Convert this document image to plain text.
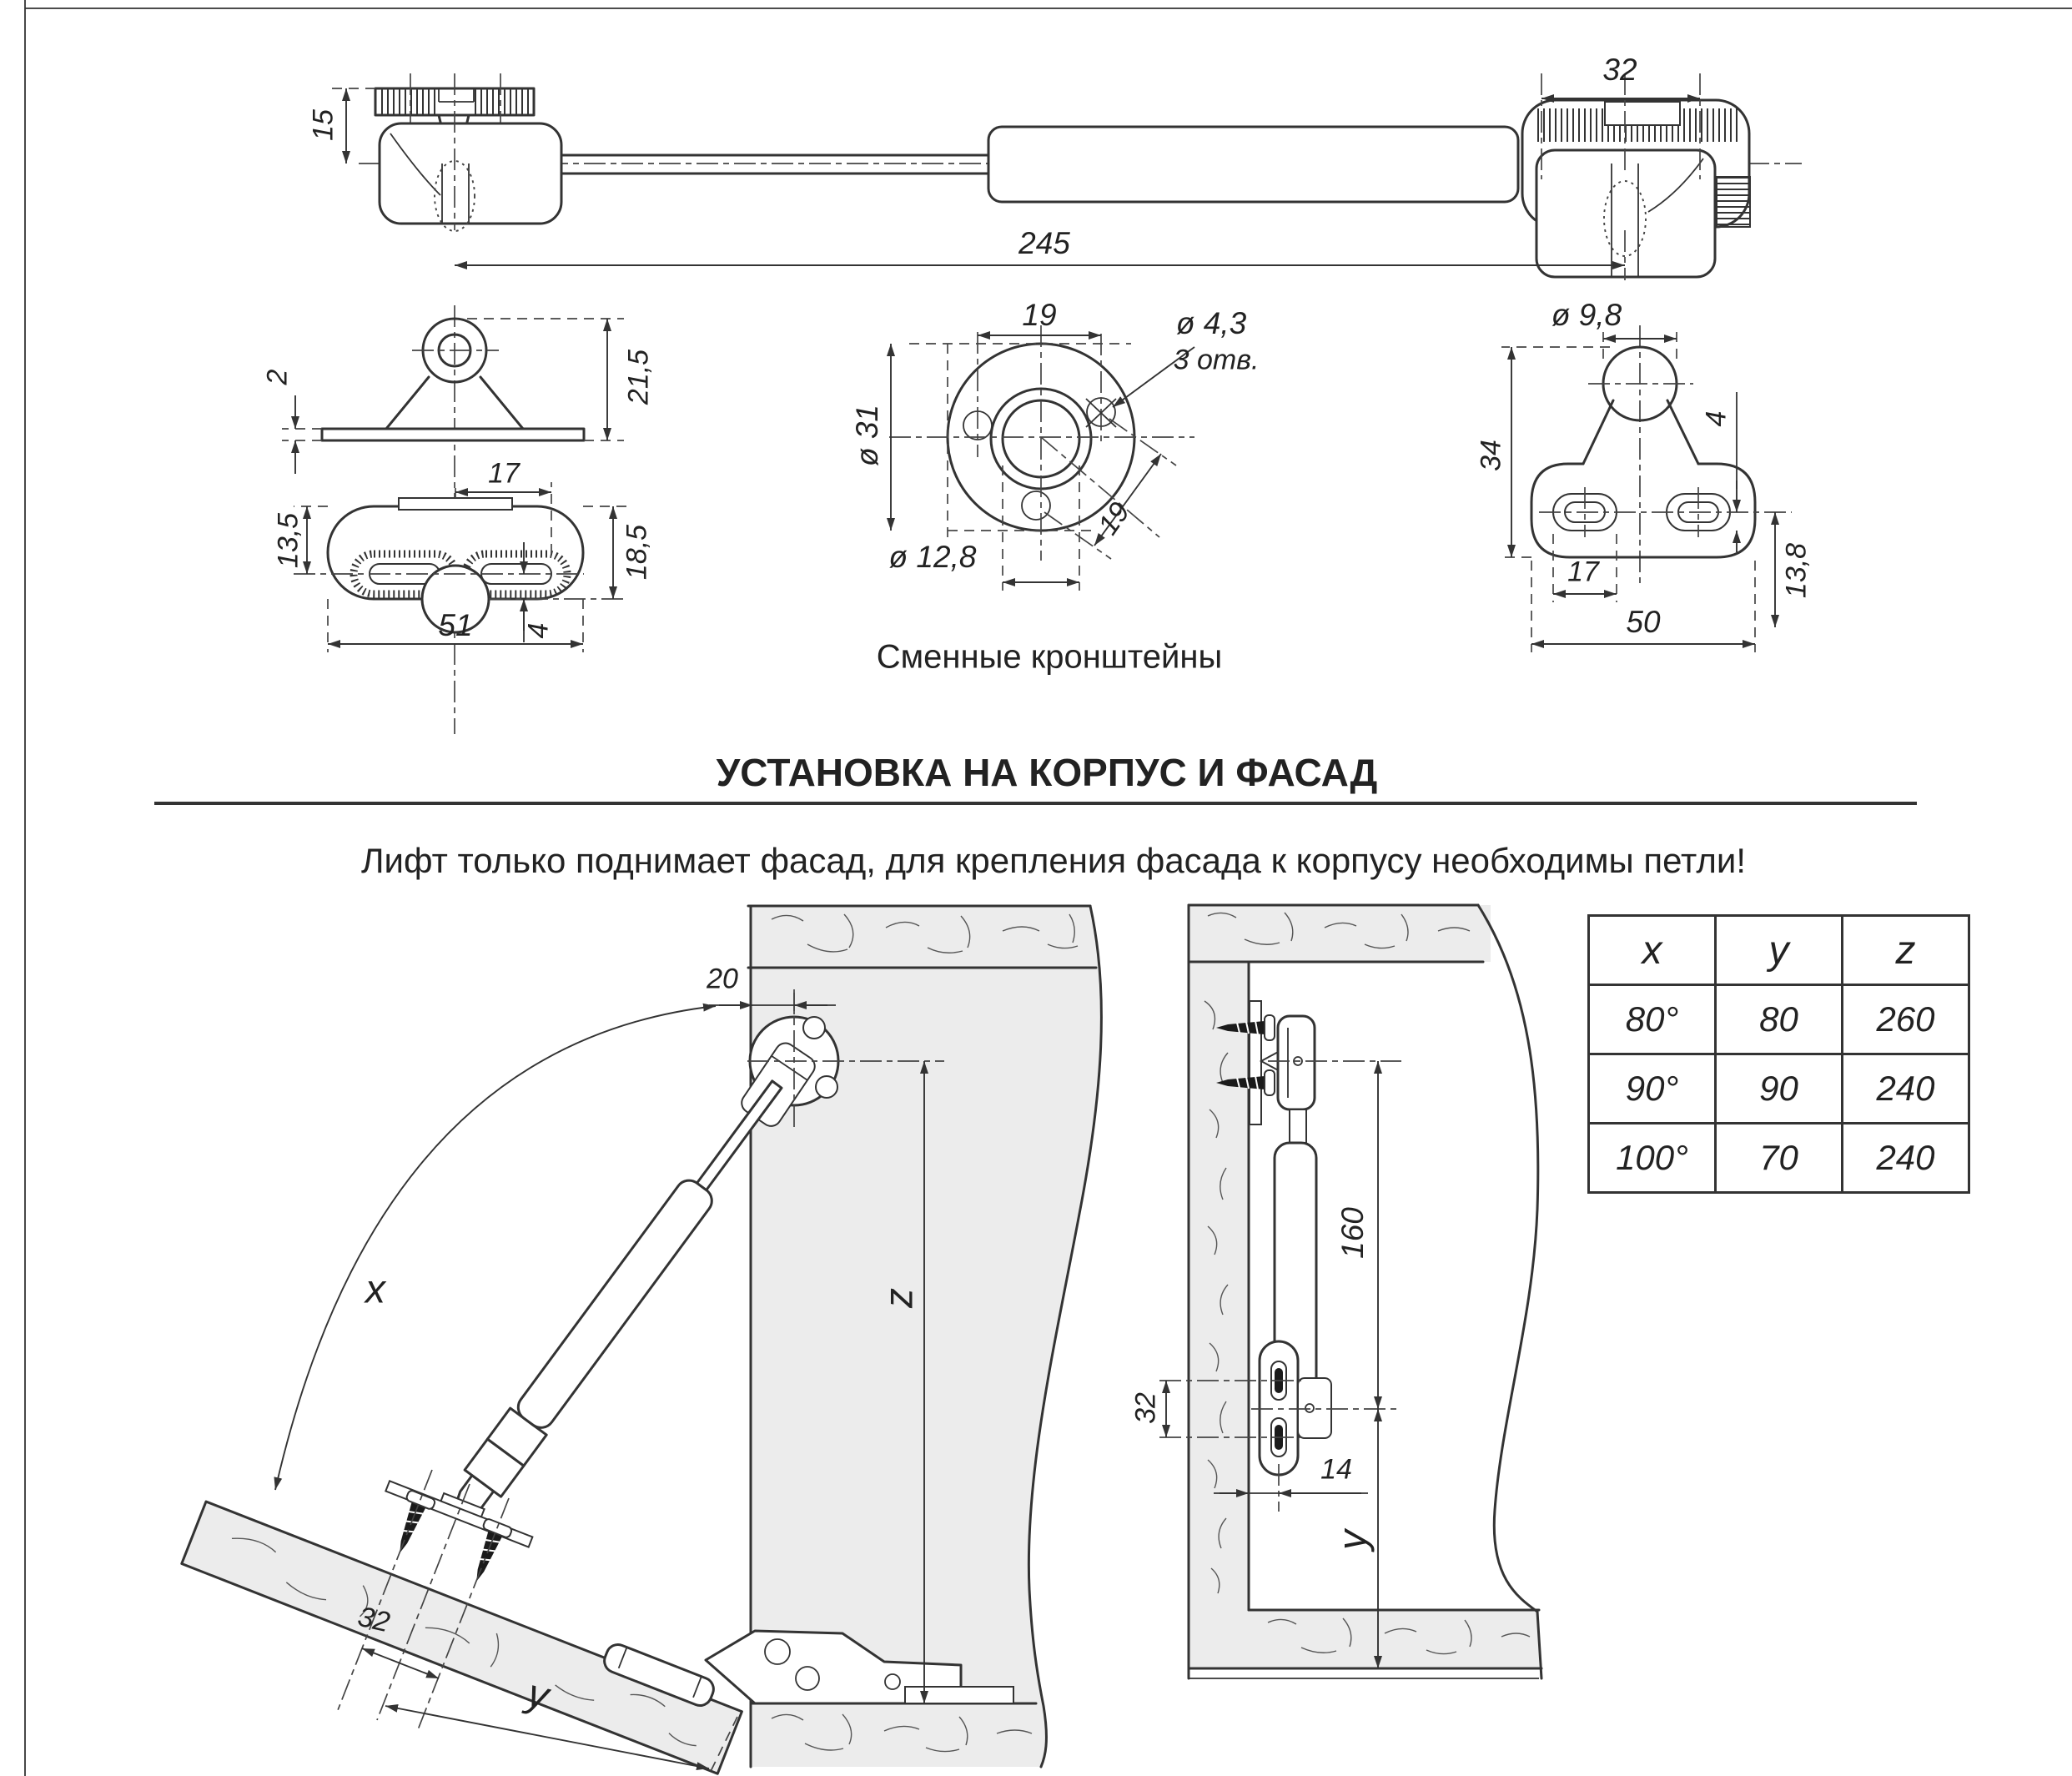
15
32
245
2	21,5
17
13,5	18,5
51 4
19	ø 4,3
3 отв.
ø 31
ø 12,8
19
ø 9,8
34
4
17
50
13,8
Сменные кронштейны
УСТАНОВКА НА КОРПУС И ФАСАД
Лифт только поднимает фасад, для крепления фасада к корпусу необходимы петли!
20
x	z
32
y
160
32
14
y
x	y	z
80°	80	260
90°	90	240
100°	70	240
